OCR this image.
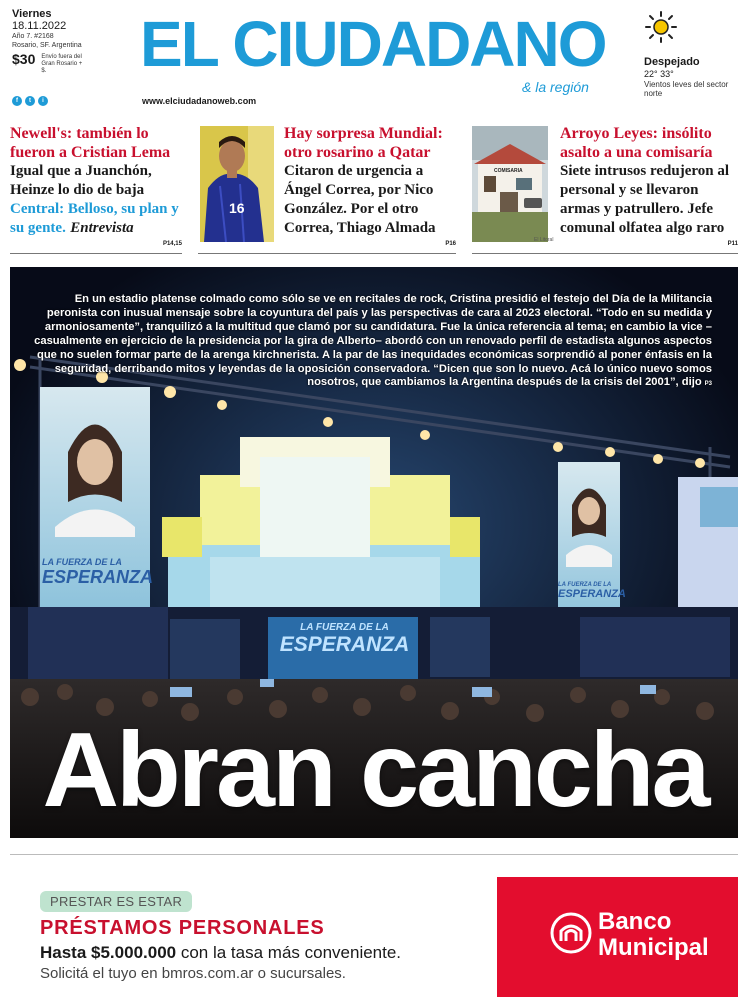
Viernes
18.11.2022
Año 7. #2168
Rosario, SF. Argentina
$30 Envío fuera del Gran Rosario + $.
f	t	i
EL CIUDADANO
& la región
www.elciudadanoweb.com
Despejado
22° 33°
Vientos leves del sector norte
Newell's: también lo fueron a Cristian Lema
Igual que a Juanchón, Heinze lo dio de baja
Central: Belloso, su plan y su gente. Entrevista
P14,15
16
Hay sorpresa Mundial: otro rosarino a Qatar
Citaron de urgencia a Ángel Correa, por Nico González. Por el otro Correa, Thiago Almada
P16
COMISARIA
El Litoral
Arroyo Leyes: insólito asalto a una comisaría
Siete intrusos redujeron al personal y se llevaron armas y patrullero. Jefe comunal olfatea algo raro
P11
LA FUERZA DE LA
ESPERANZA	LA FUERZA DE LA
ESPERANZA
LA FUERZA DE LA
ESPERANZA
En un estadio platense colmado como sólo se ve en recitales de rock, Cristina presidió el festejo del Día de la Militancia peronista con inusual mensaje sobre la coyuntura del país y las perspectivas de cara al 2023 electoral. “Todo en su medida y armoniosamente”, tranquilizó a la multitud que clamó por su candidatura. Fue la única referencia al tema; en cambio la vice –casualmente en ejercicio de la presidencia por la gira de Alberto– abordó con un renovado perfil de estadista algunos aspectos que no suelen formar parte de la arenga kirchnerista. A la par de las inequidades económicas sorprendió al poner énfasis en la seguridad, derribando mitos y leyendas de la oposición conservadora. “Dicen que son lo nuevo. Acá lo único nuevo somos nosotros, que cambiamos la Argentina después de la crisis del 2001”, dijo P3
Abran cancha
PRESTAR ES ESTAR
PRÉSTAMOS PERSONALES
Hasta $5.000.000 con la tasa más conveniente.
Solicitá el tuyo en bmros.com.ar o sucursales.
Banco
Municipal
